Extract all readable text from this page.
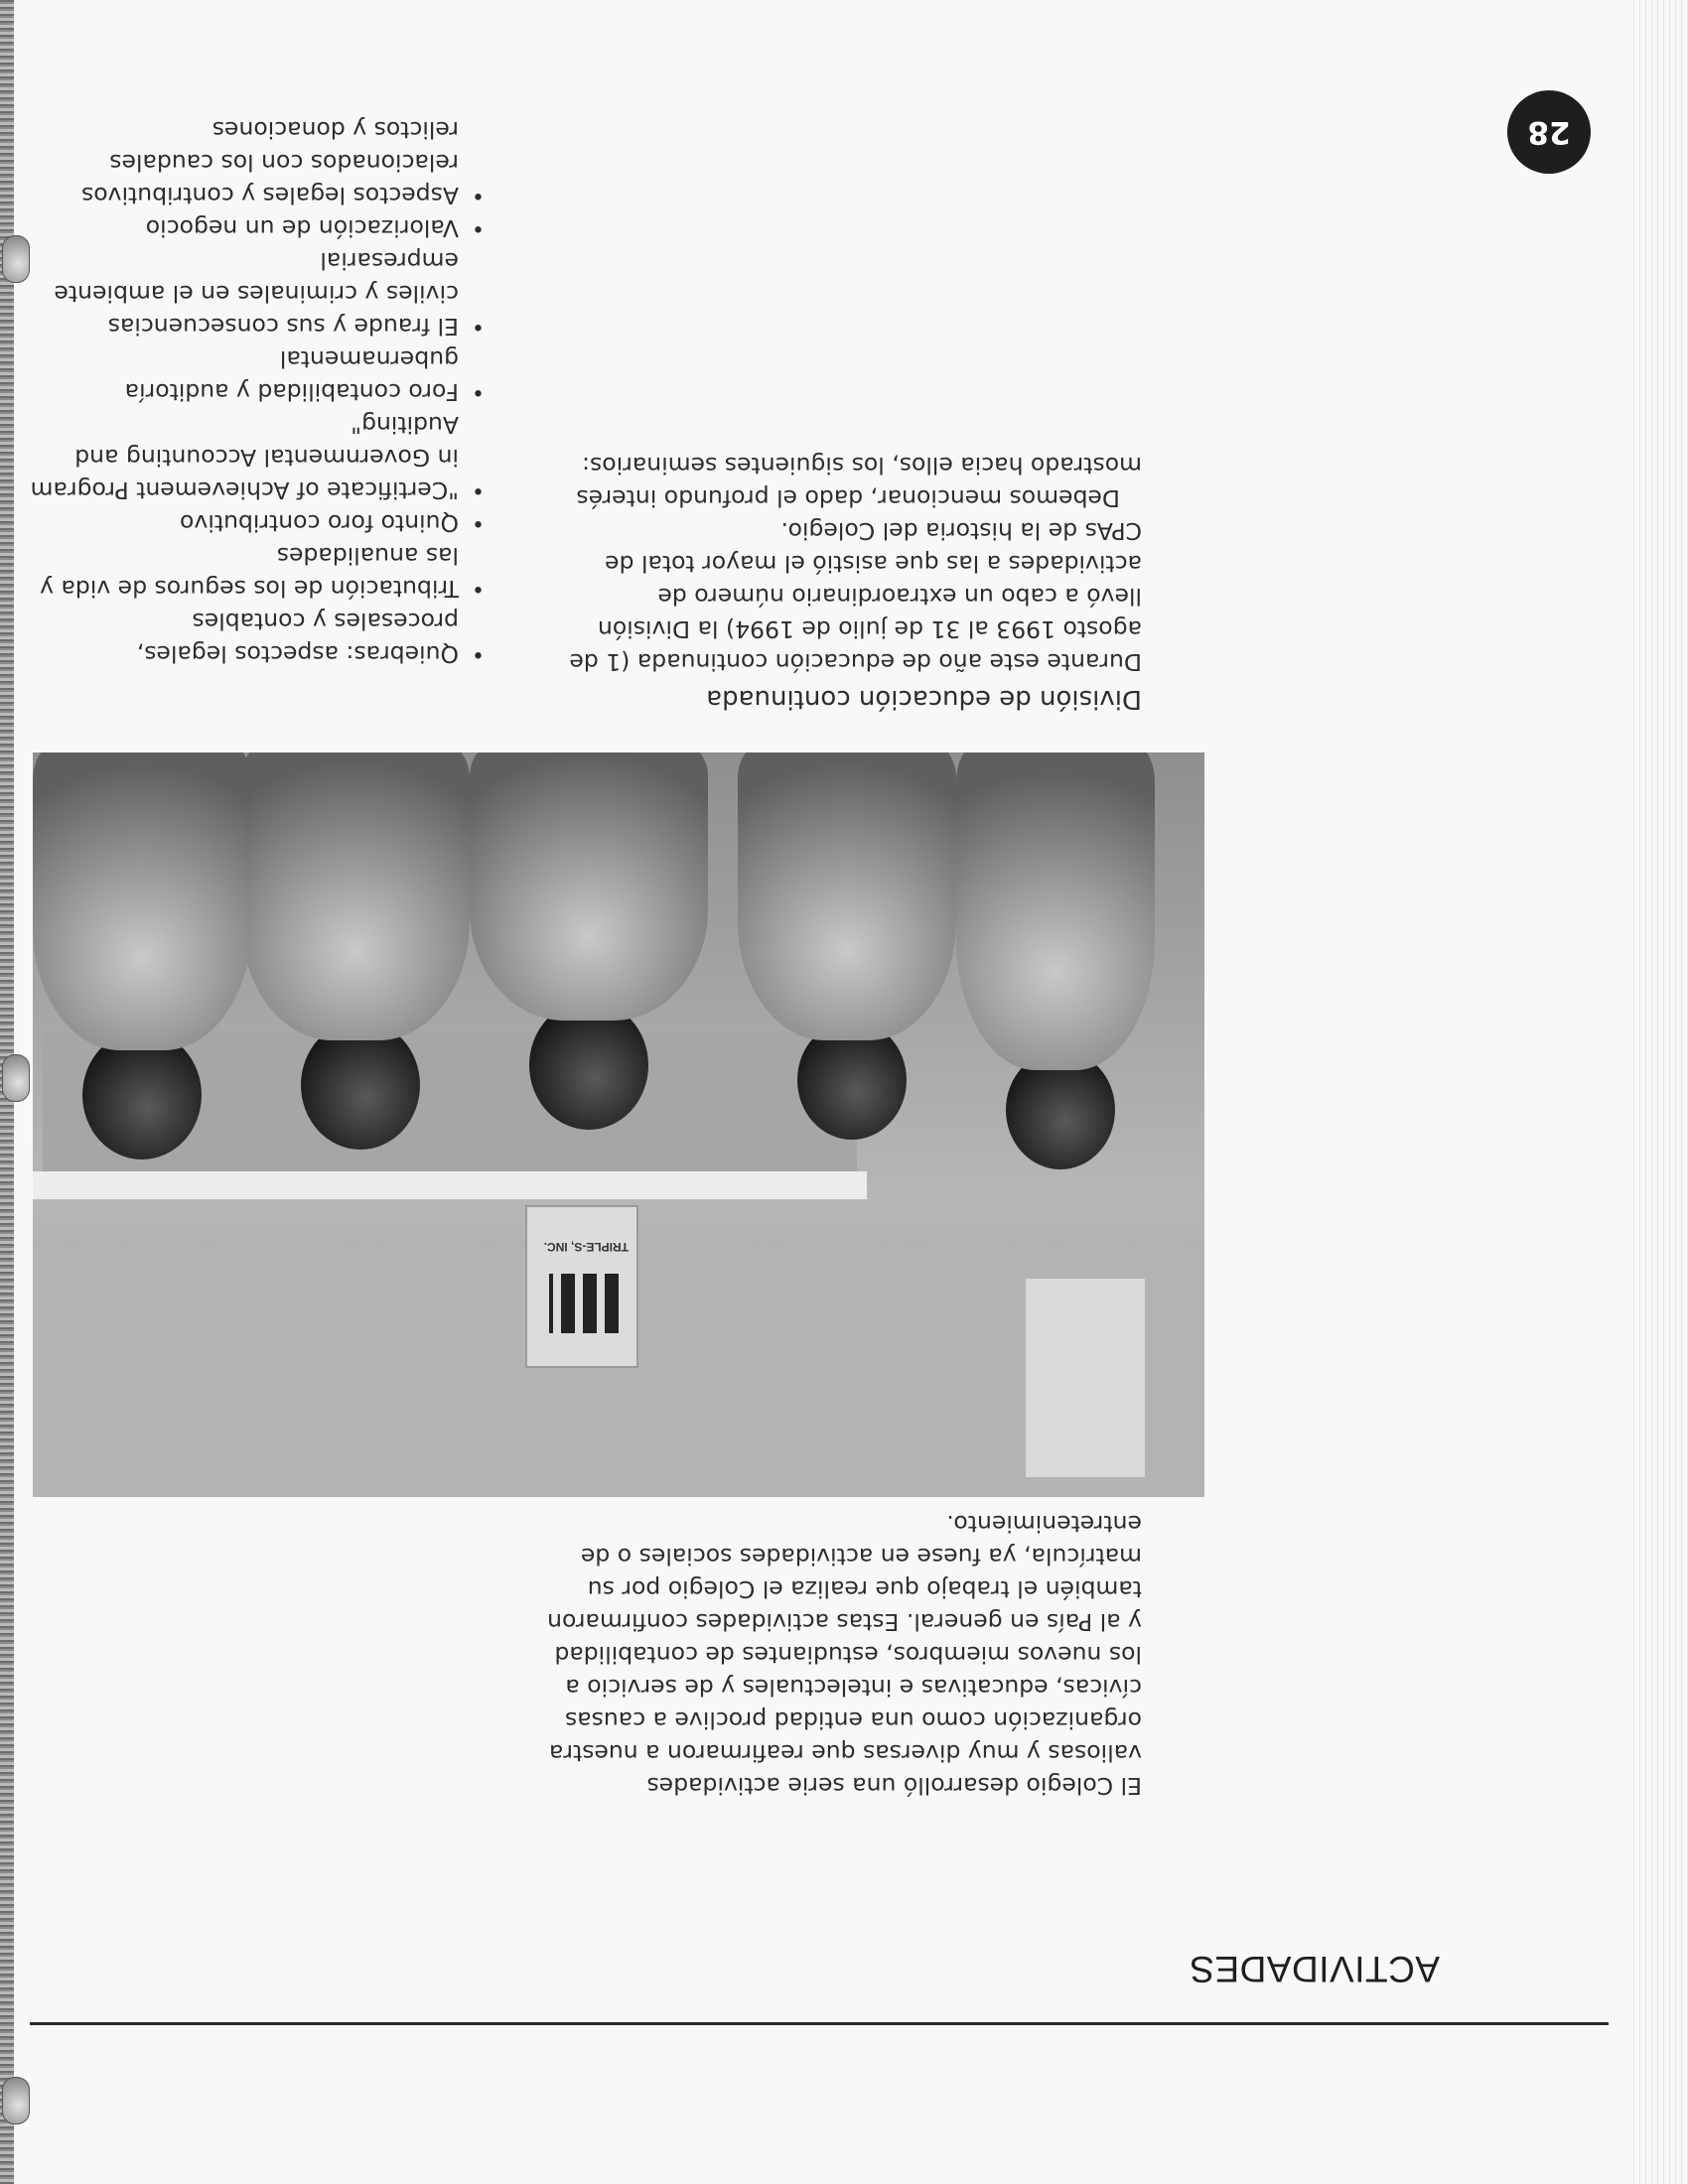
28
ACTIVIDADES
El Colegio desarrolló una serie actividades valiosas y muy diversas que reafirmaron a nuestra organización como una entidad proclive a causas cívicas, educativas e intelectuales y de servicio a los nuevos miembros, estudiantes de contabilidad y al País en general. Estas actividades confirmaron también el trabajo que realiza el Colegio por su matrícula, ya fuese en actividades sociales o de entretenimiento.
TRIPLE-S, INC.
División de educación continuada
Durante este año de educación continuada (1 de agosto 1993 al 31 de julio de 1994) la División llevó a cabo un extraordinario número de actividades a las que asistió el mayor total de CPAs de la historia del Colegio.
Debemos mencionar, dado el profundo interés mostrado hacia ellos, los siguientes seminarios:
• Quiebras: aspectos legales, procesales y contables
• Tributación de los seguros de vida y las anualidades
• Quinto foro contributivo
• "Certificate of Achievement Program in Governmental Accounting and Auditing"
• Foro contabilidad y auditoría gubernamental
• El fraude y sus consecuencias civiles y criminales en el ambiente empresarial
• Valorización de un negocio
• Aspectos legales y contributivos relacionados con los caudales relictos y donaciones
